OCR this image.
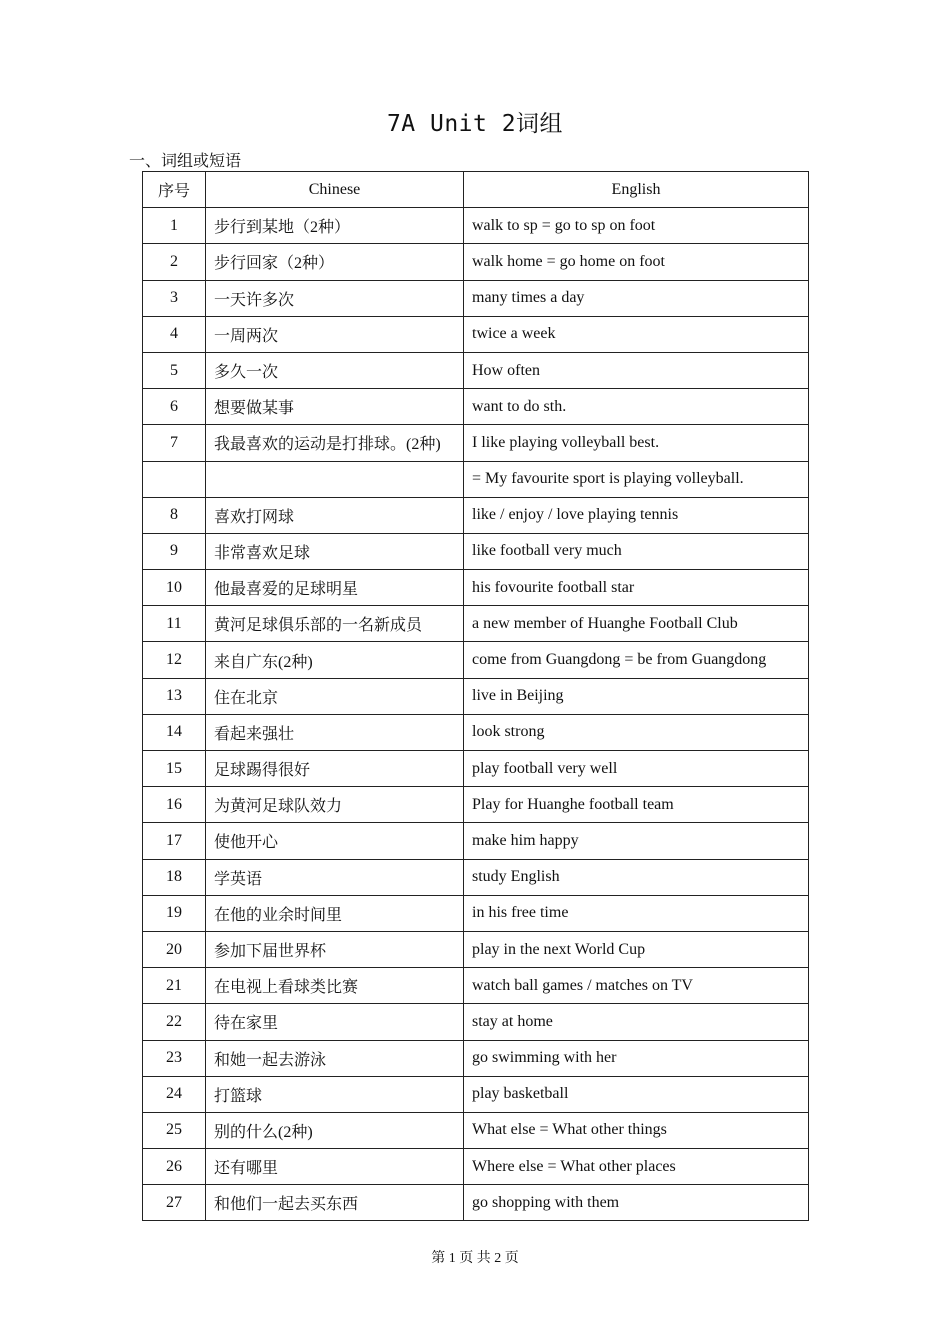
7A Unit 2词组
一、词组或短语
序号	Chinese	English
1	步行到某地（2种）	walk to sp = go to sp on foot
2	步行回家（2种）	walk home = go home on foot
3	一天许多次	many times a day
4	一周两次	twice a week
5	多久一次	How often
6	想要做某事	want to do sth.
7	我最喜欢的运动是打排球。(2种)	I like playing volleyball best.
		= My favourite sport is playing volleyball.
8	喜欢打网球	like / enjoy / love playing tennis
9	非常喜欢足球	like football very much
10	他最喜爱的足球明星	his fovourite football star
11	黄河足球俱乐部的一名新成员	a new member of Huanghe Football Club
12	来自广东(2种)	come from Guangdong = be from Guangdong
13	住在北京	live in Beijing
14	看起来强壮	look strong
15	足球踢得很好	play football very well
16	为黄河足球队效力	Play for Huanghe football team
17	使他开心	make him happy
18	学英语	study English
19	在他的业余时间里	in his free time
20	参加下届世界杯	play in the next World Cup
21	在电视上看球类比赛	watch ball games / matches on TV
22	待在家里	stay at home
23	和她一起去游泳	go swimming with her
24	打篮球	play basketball
25	别的什么(2种)	What else = What other things
26	还有哪里	Where else = What other places
27	和他们一起去买东西	go shopping with them
第 1 页 共 2 页
